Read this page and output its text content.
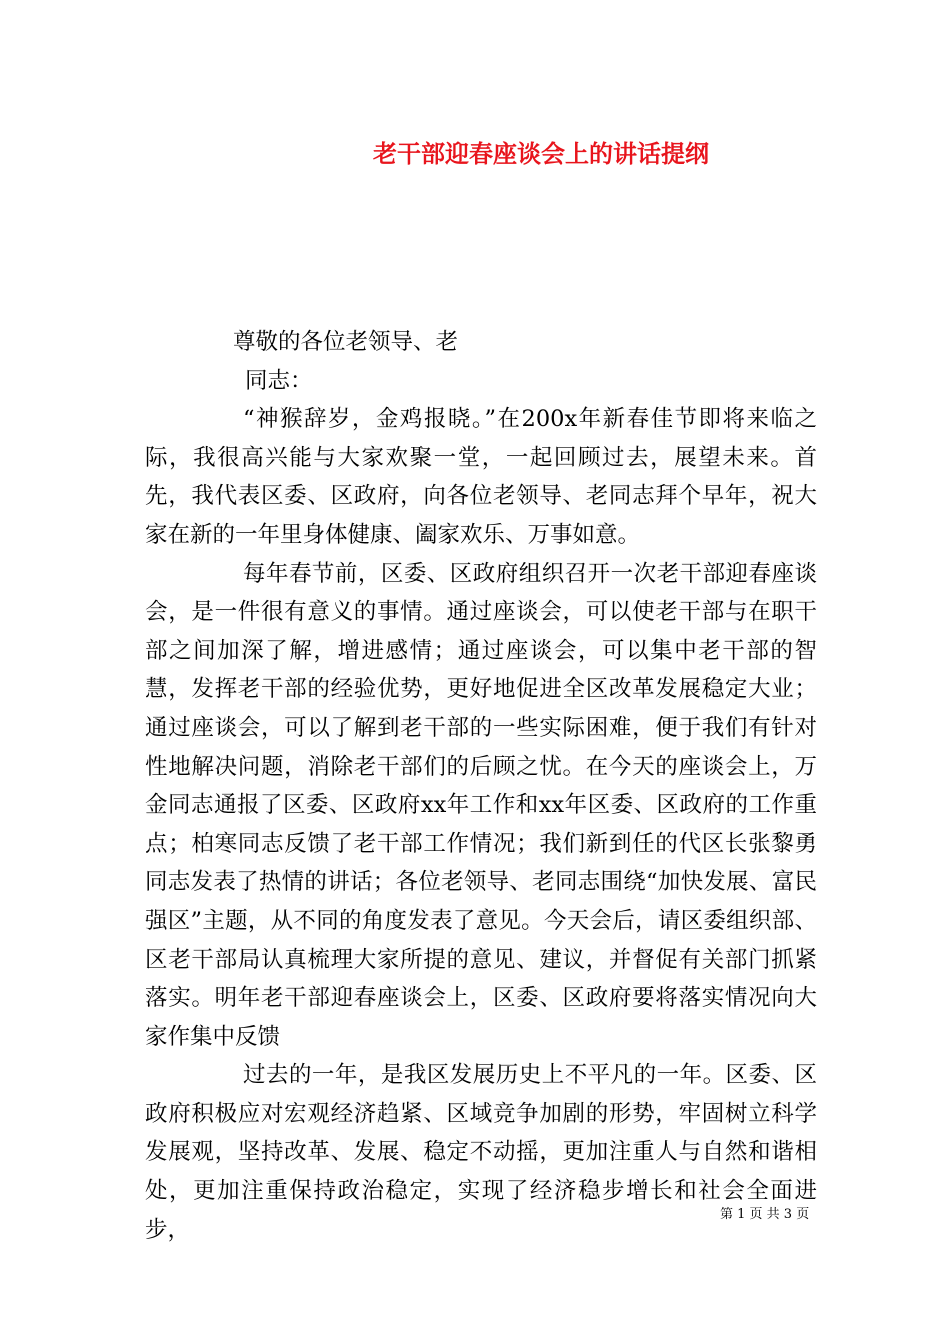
老干部迎春座谈会上的讲话提纲

尊敬的各位老领导、老

同志：

“神猴辞岁，金鸡报晓。”在200x年新春佳节即将来临之际，我很高兴能与大家欢聚一堂，一起回顾过去，展望未来。首先，我代表区委、区政府，向各位老领导、老同志拜个早年，祝大家在新的一年里身体健康、阖家欢乐、万事如意。

每年春节前，区委、区政府组织召开一次老干部迎春座谈会，是一件很有意义的事情。通过座谈会，可以使老干部与在职干部之间加深了解，增进感情；通过座谈会，可以集中老干部的智慧，发挥老干部的经验优势，更好地促进全区改革发展稳定大业；通过座谈会，可以了解到老干部的一些实际困难，便于我们有针对性地解决问题，消除老干部们的后顾之忧。在今天的座谈会上，万金同志通报了区委、区政府xx年工作和xx年区委、区政府的工作重点；柏寒同志反馈了老干部工作情况；我们新到任的代区长张黎勇同志发表了热情的讲话；各位老领导、老同志围绕“加快发展、富民强区”主题，从不同的角度发表了意见。今天会后，请区委组织部、区老干部局认真梳理大家所提的意见、建议，并督促有关部门抓紧落实。明年老干部迎春座谈会上，区委、区政府要将落实情况向大家作集中反馈

过去的一年，是我区发展历史上不平凡的一年。区委、区政府积极应对宏观经济趋紧、区域竞争加剧的形势，牢固树立科学发展观，坚持改革、发展、稳定不动摇，更加注重人与自然和谐相处，更加注重保持政治稳定，实现了经济稳步增长和社会全面进步，

第 1 页 共 3 页
